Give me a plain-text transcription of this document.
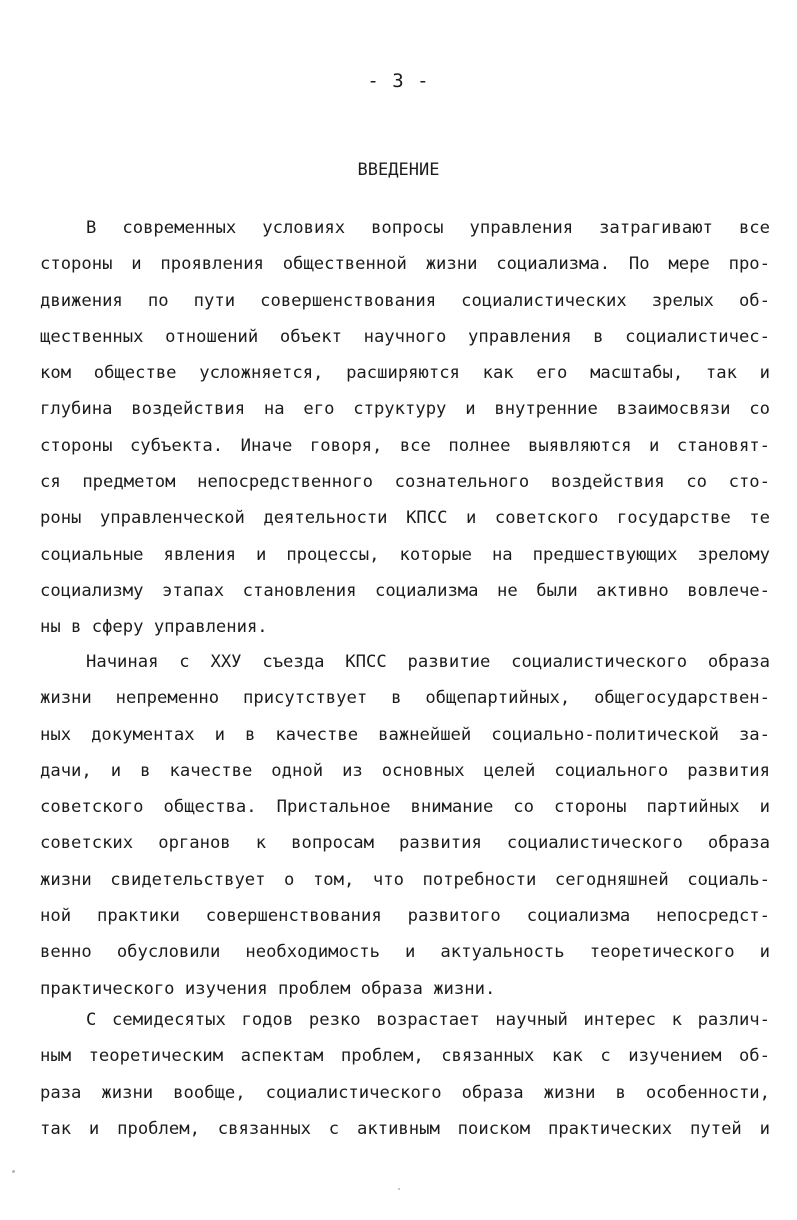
- 3 -
ВВЕДЕНИЕ
В современных условиях вопросы управления затрагивают все
стороны и проявления общественной жизни социализма. По мере про-
движения по пути совершенствования социалистических зрелых об-
щественных отношений объект научного управления в социалистичес-
ком обществе усложняется, расширяются как его масштабы, так и
глубина воздействия на его структуру и внутренние взаимосвязи со
стороны субъекта. Иначе говоря, все полнее выявляются и становят-
ся предметом непосредственного сознательного воздействия со сто-
роны управленческой деятельности КПСС и советского государстве те
социальные явления и процессы, которые на предшествующих зрелому
социализму этапах становления социализма не были активно вовлече-
ны в сферу управления.
Начиная с ХХУ съезда КПСС развитие социалистического образа
жизни непременно присутствует в общепартийных, общегосударствен-
ных документах и в качестве важнейшей социально-политической за-
дачи, и в качестве одной из основных целей социального развития
советского общества. Пристальное внимание со стороны партийных и
советских органов к вопросам развития социалистического образа
жизни свидетельствует о том, что потребности сегодняшней социаль-
ной практики совершенствования развитого социализма непосредст-
венно обусловили необходимость и актуальность теоретического и
практического изучения проблем образа жизни.
С семидесятых годов резко возрастает научный интерес к различ-
ным теоретическим аспектам проблем, связанных как с изучением об-
раза жизни вообще, социалистического образа жизни в особенности,
так и проблем, связанных с активным поиском практических путей и
